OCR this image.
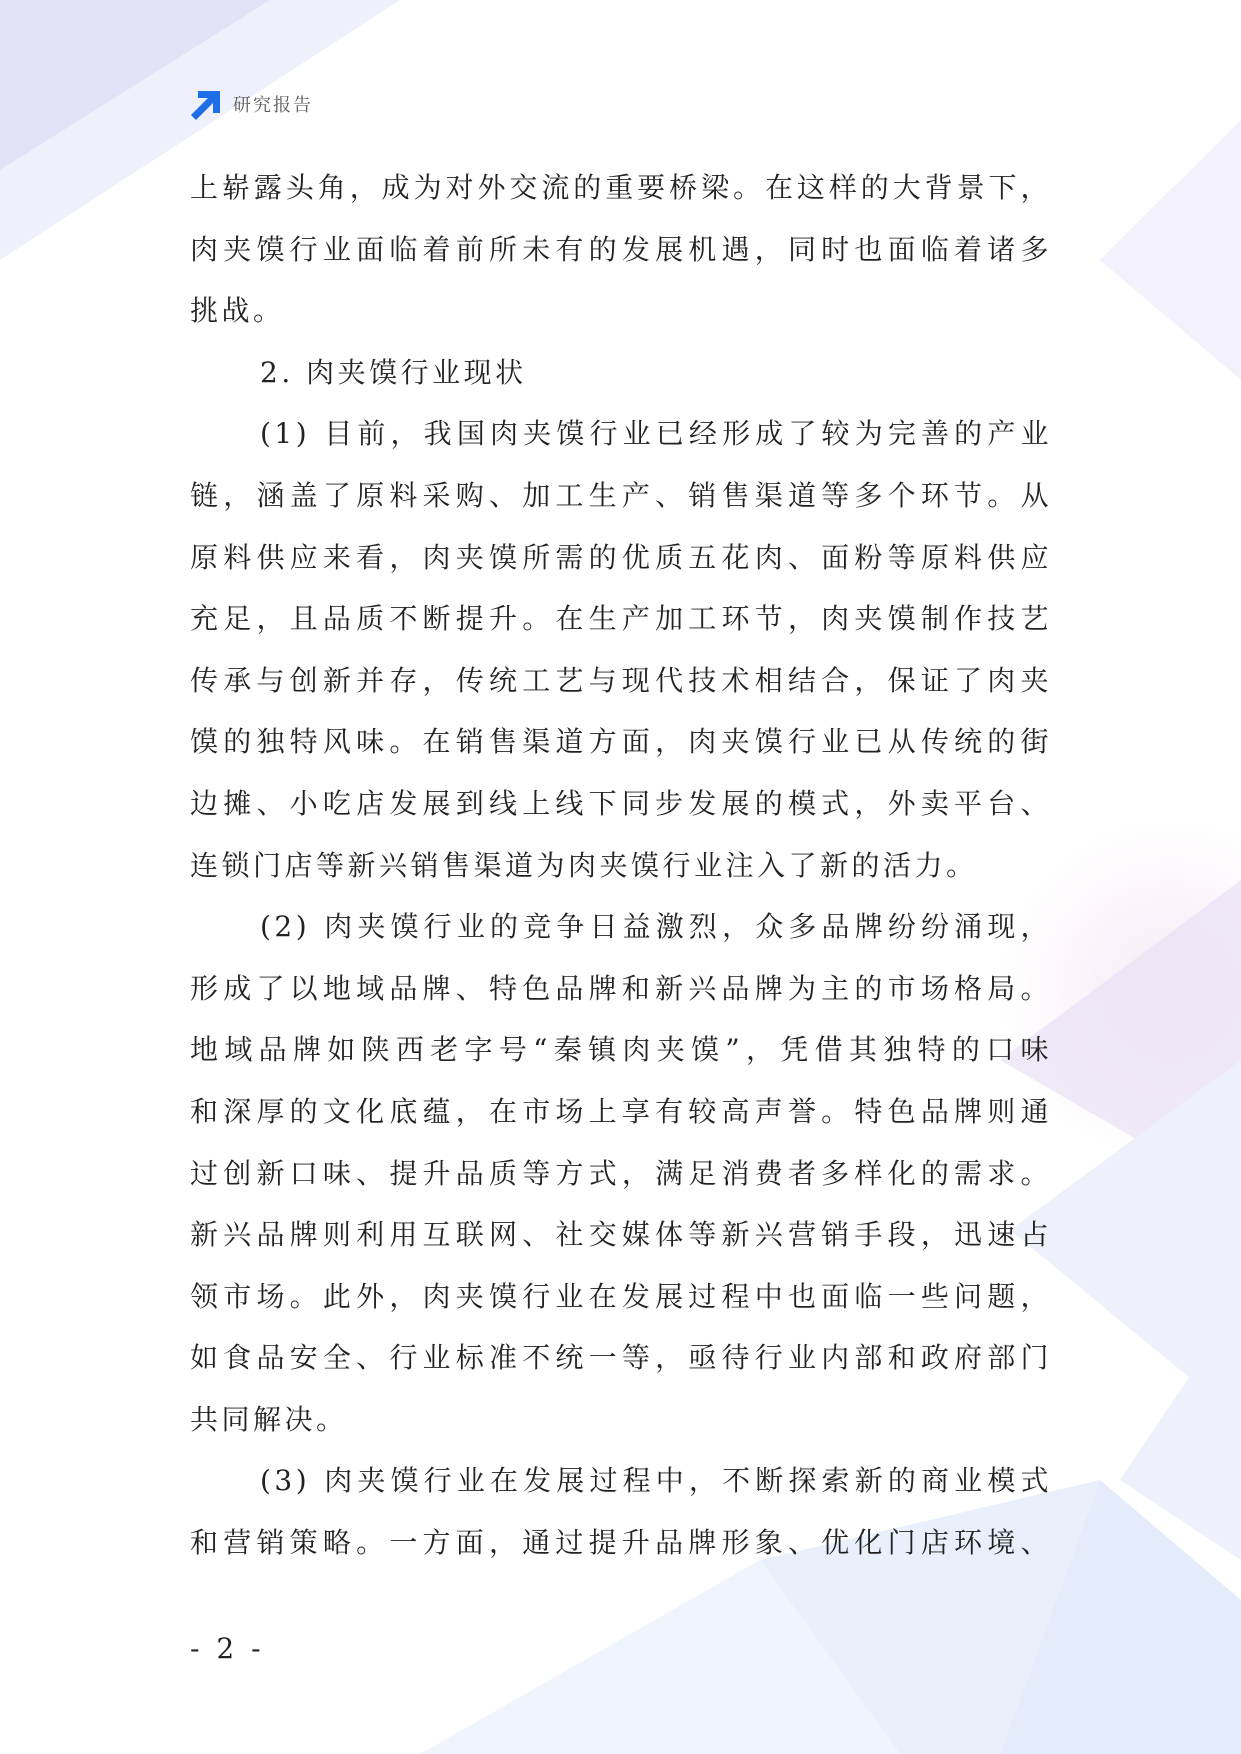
研究报告
上崭露头角，成为对外交流的重要桥梁。在这样的大背景下，
肉夹馍行业面临着前所未有的发展机遇，同时也面临着诸多
挑战。
2. 肉夹馍行业现状
(1) 目前，我国肉夹馍行业已经形成了较为完善的产业
链，涵盖了原料采购、加工生产、销售渠道等多个环节。从
原料供应来看，肉夹馍所需的优质五花肉、面粉等原料供应
充足，且品质不断提升。在生产加工环节，肉夹馍制作技艺
传承与创新并存，传统工艺与现代技术相结合，保证了肉夹
馍的独特风味。在销售渠道方面，肉夹馍行业已从传统的街
边摊、小吃店发展到线上线下同步发展的模式，外卖平台、
连锁门店等新兴销售渠道为肉夹馍行业注入了新的活力。
(2) 肉夹馍行业的竞争日益激烈，众多品牌纷纷涌现，
形成了以地域品牌、特色品牌和新兴品牌为主的市场格局。
地域品牌如陕西老字号“秦镇肉夹馍”，凭借其独特的口味
和深厚的文化底蕴，在市场上享有较高声誉。特色品牌则通
过创新口味、提升品质等方式，满足消费者多样化的需求。
新兴品牌则利用互联网、社交媒体等新兴营销手段，迅速占
领市场。此外，肉夹馍行业在发展过程中也面临一些问题，
如食品安全、行业标准不统一等，亟待行业内部和政府部门
共同解决。
(3) 肉夹馍行业在发展过程中，不断探索新的商业模式
和营销策略。一方面，通过提升品牌形象、优化门店环境、
- 2 -
